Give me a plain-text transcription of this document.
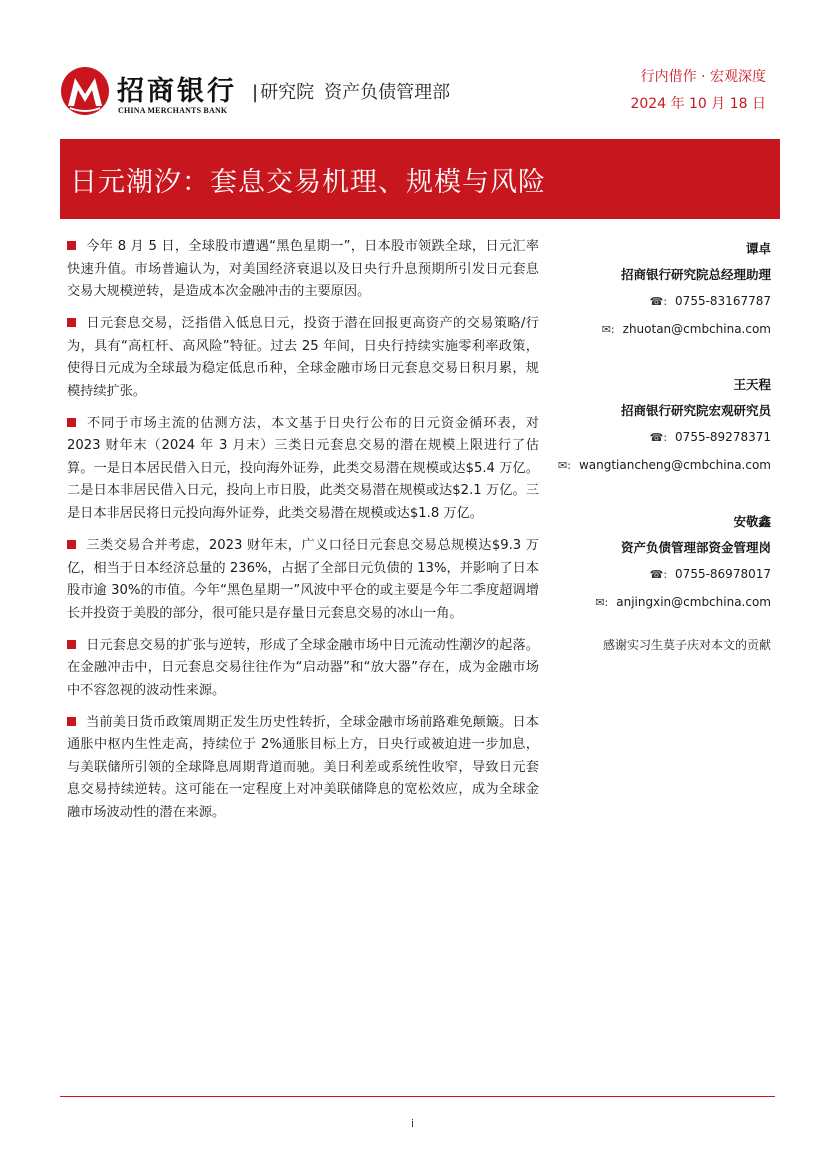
招商银行
CHINA MERCHANTS BANK
| 研究院 资产负债管理部
行内借作 · 宏观深度
2024 年 10 月 18 日
日元潮汐：套息交易机理、规模与风险

今年 8 月 5 日，全球股市遭遇“黑色星期一”，日本股市领跌全球，日元汇率快速升值。市场普遍认为，对美国经济衰退以及日央行升息预期所引发日元套息交易大规模逆转，是造成本次金融冲击的主要原因。

日元套息交易，泛指借入低息日元，投资于潜在回报更高资产的交易策略/行为，具有“高杠杆、高风险”特征。过去 25 年间，日央行持续实施零利率政策，使得日元成为全球最为稳定低息币种，全球金融市场日元套息交易日积月累，规模持续扩张。

不同于市场主流的估测方法，本文基于日央行公布的日元资金循环表，对 2023 财年末（2024 年 3 月末）三类日元套息交易的潜在规模上限进行了估算。一是日本居民借入日元，投向海外证券，此类交易潜在规模或达$5.4 万亿。二是日本非居民借入日元，投向上市日股，此类交易潜在规模或达$2.1 万亿。三是日本非居民将日元投向海外证券，此类交易潜在规模或达$1.8 万亿。

三类交易合并考虑，2023 财年末，广义口径日元套息交易总规模达$9.3 万亿，相当于日本经济总量的 236%，占据了全部日元负债的 13%，并影响了日本股市逾 30%的市值。今年“黑色星期一”风波中平仓的或主要是今年二季度超调增长并投资于美股的部分，很可能只是存量日元套息交易的冰山一角。

日元套息交易的扩张与逆转，形成了全球金融市场中日元流动性潮汐的起落。在金融冲击中，日元套息交易往往作为“启动器”和“放大器”存在，成为金融市场中不容忽视的波动性来源。

当前美日货币政策周期正发生历史性转折，全球金融市场前路难免颠簸。日本通胀中枢内生性走高，持续位于 2%通胀目标上方，日央行或被迫进一步加息，与美联储所引领的全球降息周期背道而驰。美日利差或系统性收窄，导致日元套息交易持续逆转。这可能在一定程度上对冲美联储降息的宽松效应，成为全球金融市场波动性的潜在来源。

谭卓
招商银行研究院总经理助理
☎: 0755-83167787
✉: zhuotan@cmbchina.com
王天程
招商银行研究院宏观研究员
☎: 0755-89278371
✉: wangtiancheng@cmbchina.com
安敬鑫
资产负债管理部资金管理岗
☎: 0755-86978017
✉: anjingxin@cmbchina.com
感谢实习生莫子庆对本文的贡献
i
